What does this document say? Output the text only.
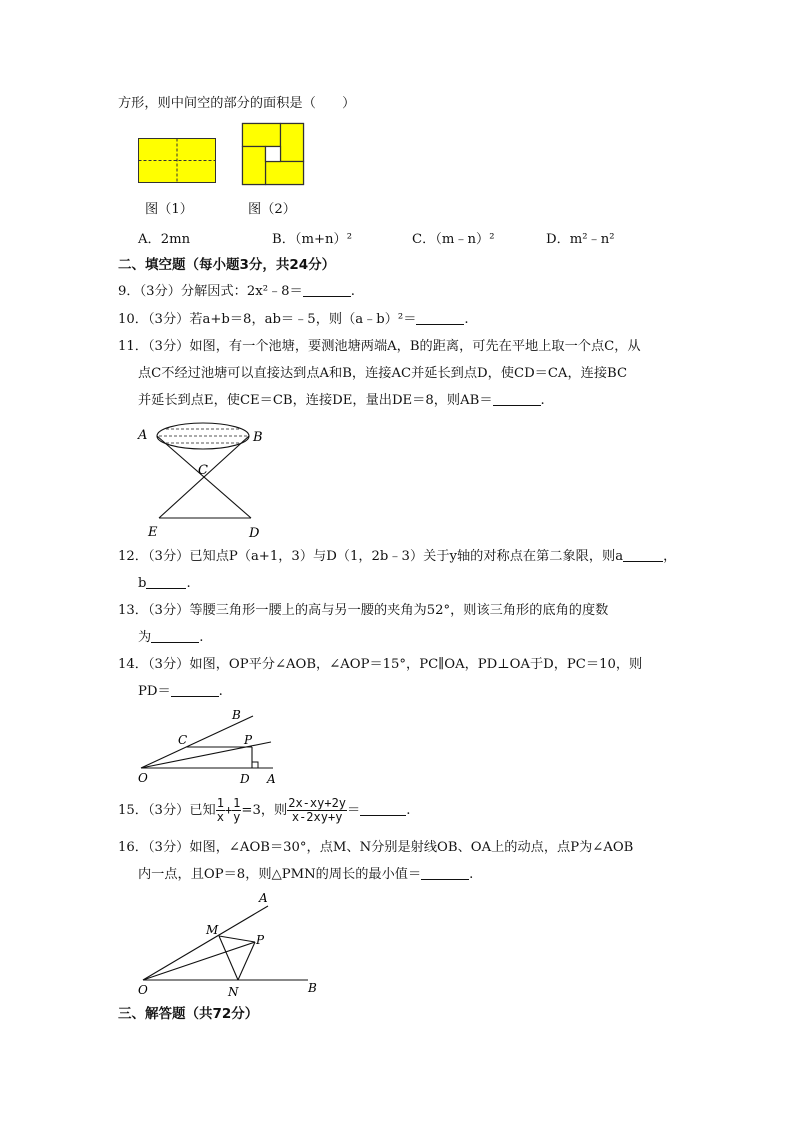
方形，则中间空的部分的面积是（　　）
图（1）	图（2）
A．2mn	B．（m+n）²	C．（m﹣n）²	D．m²﹣n²
二、填空题（每小题3分，共24分）
9．（3分）分解因式：2x²﹣8＝	.
10．（3分）若a+b＝8，ab＝﹣5，则（a﹣b）²＝	.
11．（3分）如图，有一个池塘，要测池塘两端A，B的距离，可先在平地上取一个点C，从
点C不经过池塘可以直接达到点A和B，连接AC并延长到点D，使CD＝CA，连接BC
并延长到点E，使CE＝CB，连接DE，量出DE＝8，则AB＝	.
A	B
C
E	D
12．（3分）已知点P（a+1，3）与D（1，2b﹣3）关于y轴的对称点在第二象限，则a	，
b	.
13．（3分）等腰三角形一腰上的高与另一腰的夹角为52°，则该三角形的底角的度数
为	.
14．（3分）如图，OP平分∠AOB，∠AOP＝15°，PC∥OA，PD⊥OA于D，PC＝10，则
PD＝	.
B
C	P
O	D A
15．（3分）已知 $\frac{1}{x} + \frac{1}{y} =3$，则 $\frac{2x-xy+2y}{x-2xy+y}$ ＝	.
16．（3分）如图，∠AOB＝30°，点M、N分别是射线OB、OA上的动点，点P为∠AOB
内一点，且OP＝8，则△PMN的周长的最小值＝	.
A
M
P
O	N	B
三、解答题（共72分）
